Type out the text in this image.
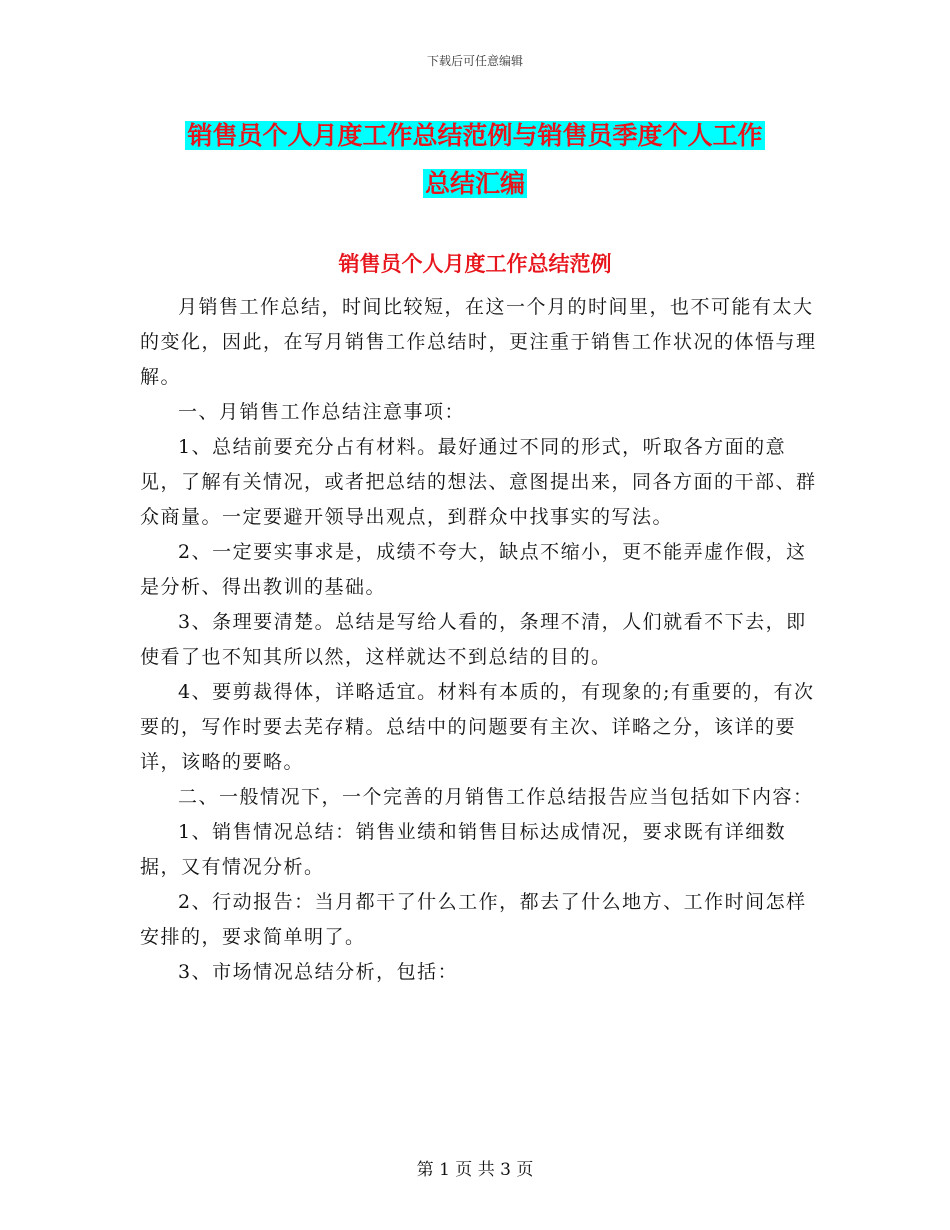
下载后可任意编辑
销售员个人月度工作总结范例与销售员季度个人工作
总结汇编
销售员个人月度工作总结范例

月销售工作总结，时间比较短，在这一个月的时间里，也不可能有太大的变化，因此，在写月销售工作总结时，更注重于销售工作状况的体悟与理解。

一、月销售工作总结注意事项：

1、总结前要充分占有材料。最好通过不同的形式，听取各方面的意见，了解有关情况，或者把总结的想法、意图提出来，同各方面的干部、群众商量。一定要避开领导出观点，到群众中找事实的写法。

2、一定要实事求是，成绩不夸大，缺点不缩小，更不能弄虚作假，这是分析、得出教训的基础。

3、条理要清楚。总结是写给人看的，条理不清，人们就看不下去，即使看了也不知其所以然，这样就达不到总结的目的。

4、要剪裁得体，详略适宜。材料有本质的，有现象的;有重要的，有次要的，写作时要去芜存精。总结中的问题要有主次、详略之分，该详的要详，该略的要略。

二、一般情况下，一个完善的月销售工作总结报告应当包括如下内容：

1、销售情况总结：销售业绩和销售目标达成情况，要求既有详细数据，又有情况分析。

2、行动报告：当月都干了什么工作，都去了什么地方、工作时间怎样安排的，要求简单明了。

3、市场情况总结分析，包括：

第 1 页 共 3 页
